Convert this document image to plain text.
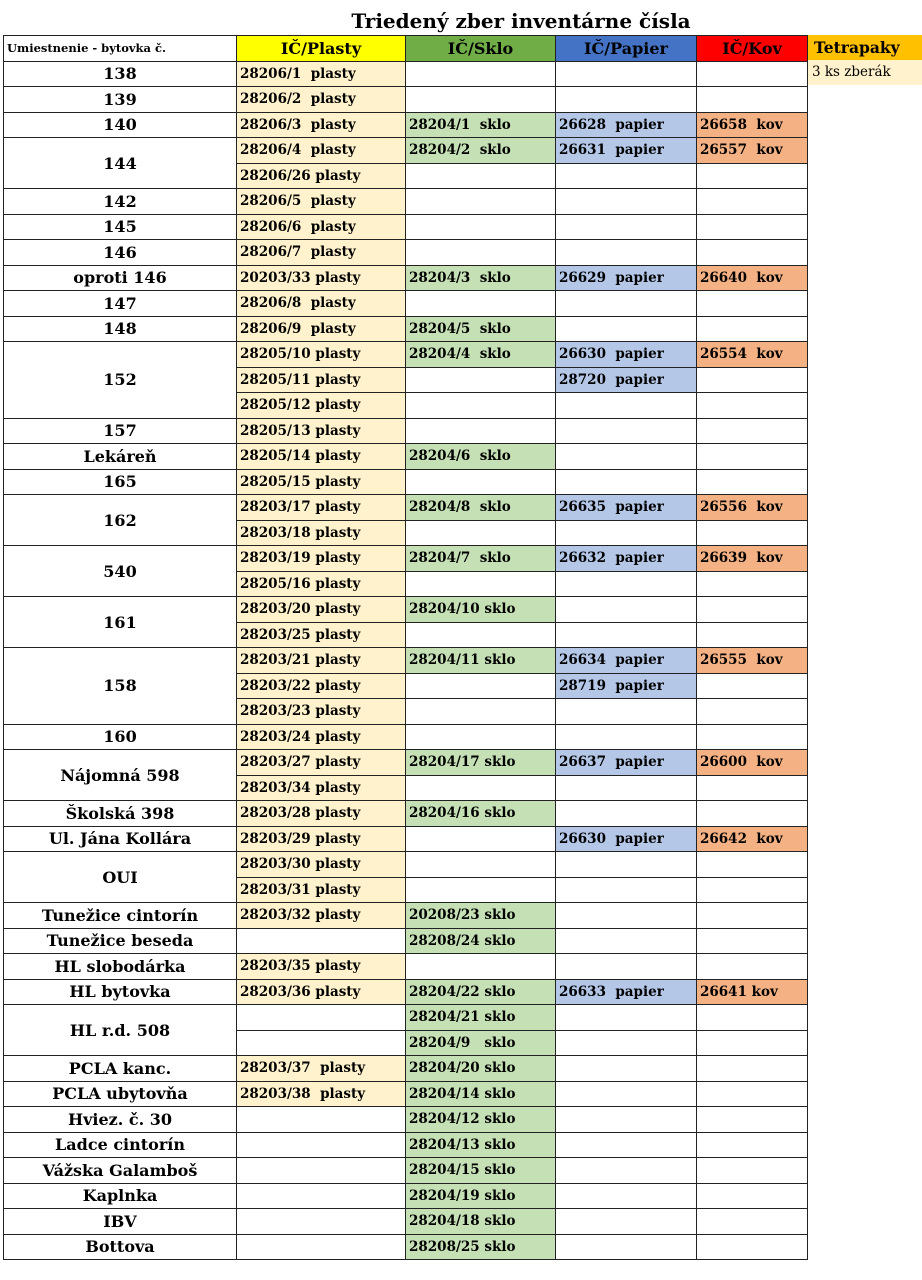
Triedený zber inventárne čísla
Umiestnenie - bytovka č.	IČ/Plasty	IČ/Sklo	IČ/Papier	IČ/Kov
138	28206/1  plasty			
139	28206/2  plasty			
140	28206/3  plasty	28204/1  sklo	26628  papier	26658  kov
144	28206/4  plasty	28204/2  sklo	26631  papier	26557  kov
	28206/26 plasty			
142	28206/5  plasty			
145	28206/6  plasty			
146	28206/7  plasty			
oproti 146	20203/33 plasty	28204/3  sklo	26629  papier	26640  kov
147	28206/8  plasty			
148	28206/9  plasty	28204/5  sklo		
152	28205/10 plasty	28204/4  sklo	26630  papier	26554  kov
	28205/11 plasty		28720  papier	
	28205/12 plasty			
157	28205/13 plasty			
Lekáreň	28205/14 plasty	28204/6  sklo		
165	28205/15 plasty			
162	28203/17 plasty	28204/8  sklo	26635  papier	26556  kov
	28203/18 plasty			
540	28203/19 plasty	28204/7  sklo	26632  papier	26639  kov
	28205/16 plasty			
161	28203/20 plasty	28204/10 sklo		
	28203/25 plasty			
158	28203/21 plasty	28204/11 sklo	26634  papier	26555  kov
	28203/22 plasty		28719  papier	
	28203/23 plasty			
160	28203/24 plasty			
Nájomná 598	28203/27 plasty	28204/17 sklo	26637  papier	26600  kov
	28203/34 plasty			
Školská 398	28203/28 plasty	28204/16 sklo		
Ul. Jána Kollára	28203/29 plasty		26630  papier	26642  kov
OUI	28203/30 plasty			
	28203/31 plasty			
Tunežice cintorín	28203/32 plasty	20208/23 sklo		
Tunežice beseda		28208/24 sklo		
HL slobodárka	28203/35 plasty			
HL bytovka	28203/36 plasty	28204/22 sklo	26633  papier	26641 kov
HL r.d. 508		28204/21 sklo		
		28204/9   sklo		
PCLA kanc.	28203/37  plasty	28204/20 sklo		
PCLA ubytovňa	28203/38  plasty	28204/14 sklo		
Hviez. č. 30		28204/12 sklo		
Ladce cintorín		28204/13 sklo		
Vážska Galamboš		28204/15 sklo		
Kaplnka		28204/19 sklo		
IBV		28204/18 sklo		
Bottova		28208/25 sklo		
Tetrapaky
3 ks zberák
